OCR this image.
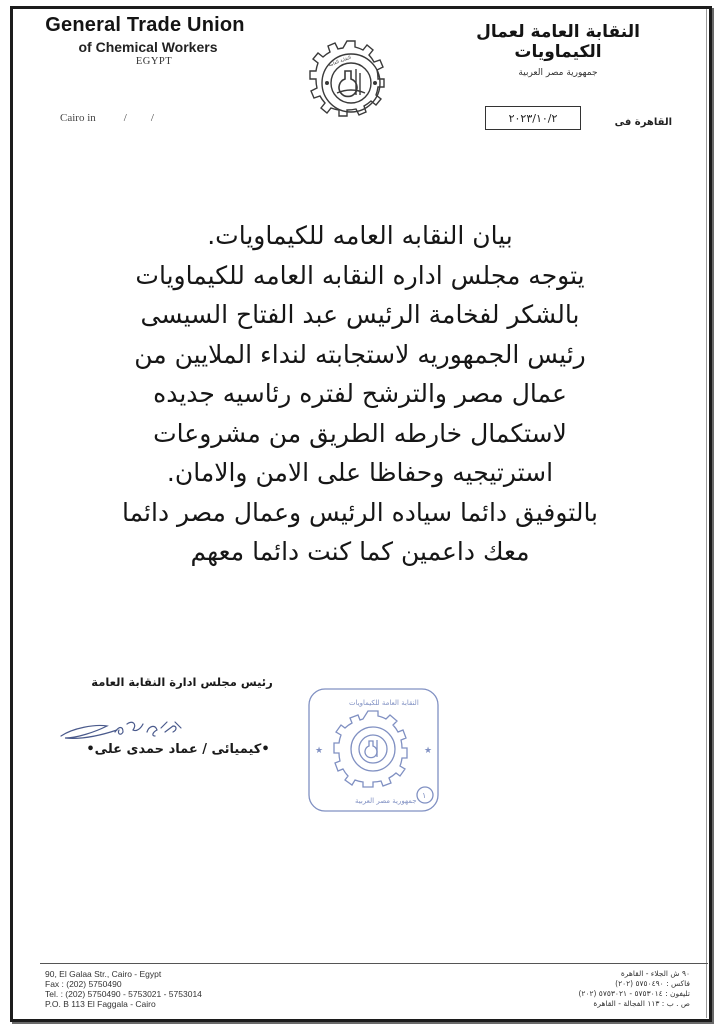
General Trade Union
of Chemical Workers
EGYPT
Cairo in	/ /
النقابة العامة
النقابة العامة لعمال الكيماويات
جمهورية مصر العربية
٢٠٢٣/١٠/٢	القاهرة فى
بيان النقابه العامه للكيماويات.
يتوجه مجلس اداره النقابه العامه للكيماويات
بالشكر لفخامة الرئيس عبد الفتاح السيسى
رئيس الجمهوريه لاستجابته لنداء الملايين من
عمال مصر والترشح لفتره رئاسيه جديده
لاستكمال خارطه الطريق من مشروعات
استرتيجيه وحفاظا على الامن والامان.
بالتوفيق دائما سياده الرئيس وعمال مصر دائما
معك داعمين كما كنت دائما معهم
رئيس مجلس ادارة النقابة العامة
•كيميائى / عماد حمدى على•
النقابة العامة للكيماويات
جمهورية مصر العربية
١
★	★
90, El Galaa Str., Cairo - Egypt
Fax : (202) 5750490
Tel. : (202) 5750490 - 5753021 - 5753014
P.O. B 113 El Faggala - Cairo
٩٠ ش الجلاء - القاهرة
فاكس : ٥٧٥٠٤٩٠ (٢٠٢)
تليفون : ٥٧٥٣٠١٤ - ٥٧٥٣٠٢١ (٢٠٢)
ص . ب : ١١٣ الفجالة - القاهرة
